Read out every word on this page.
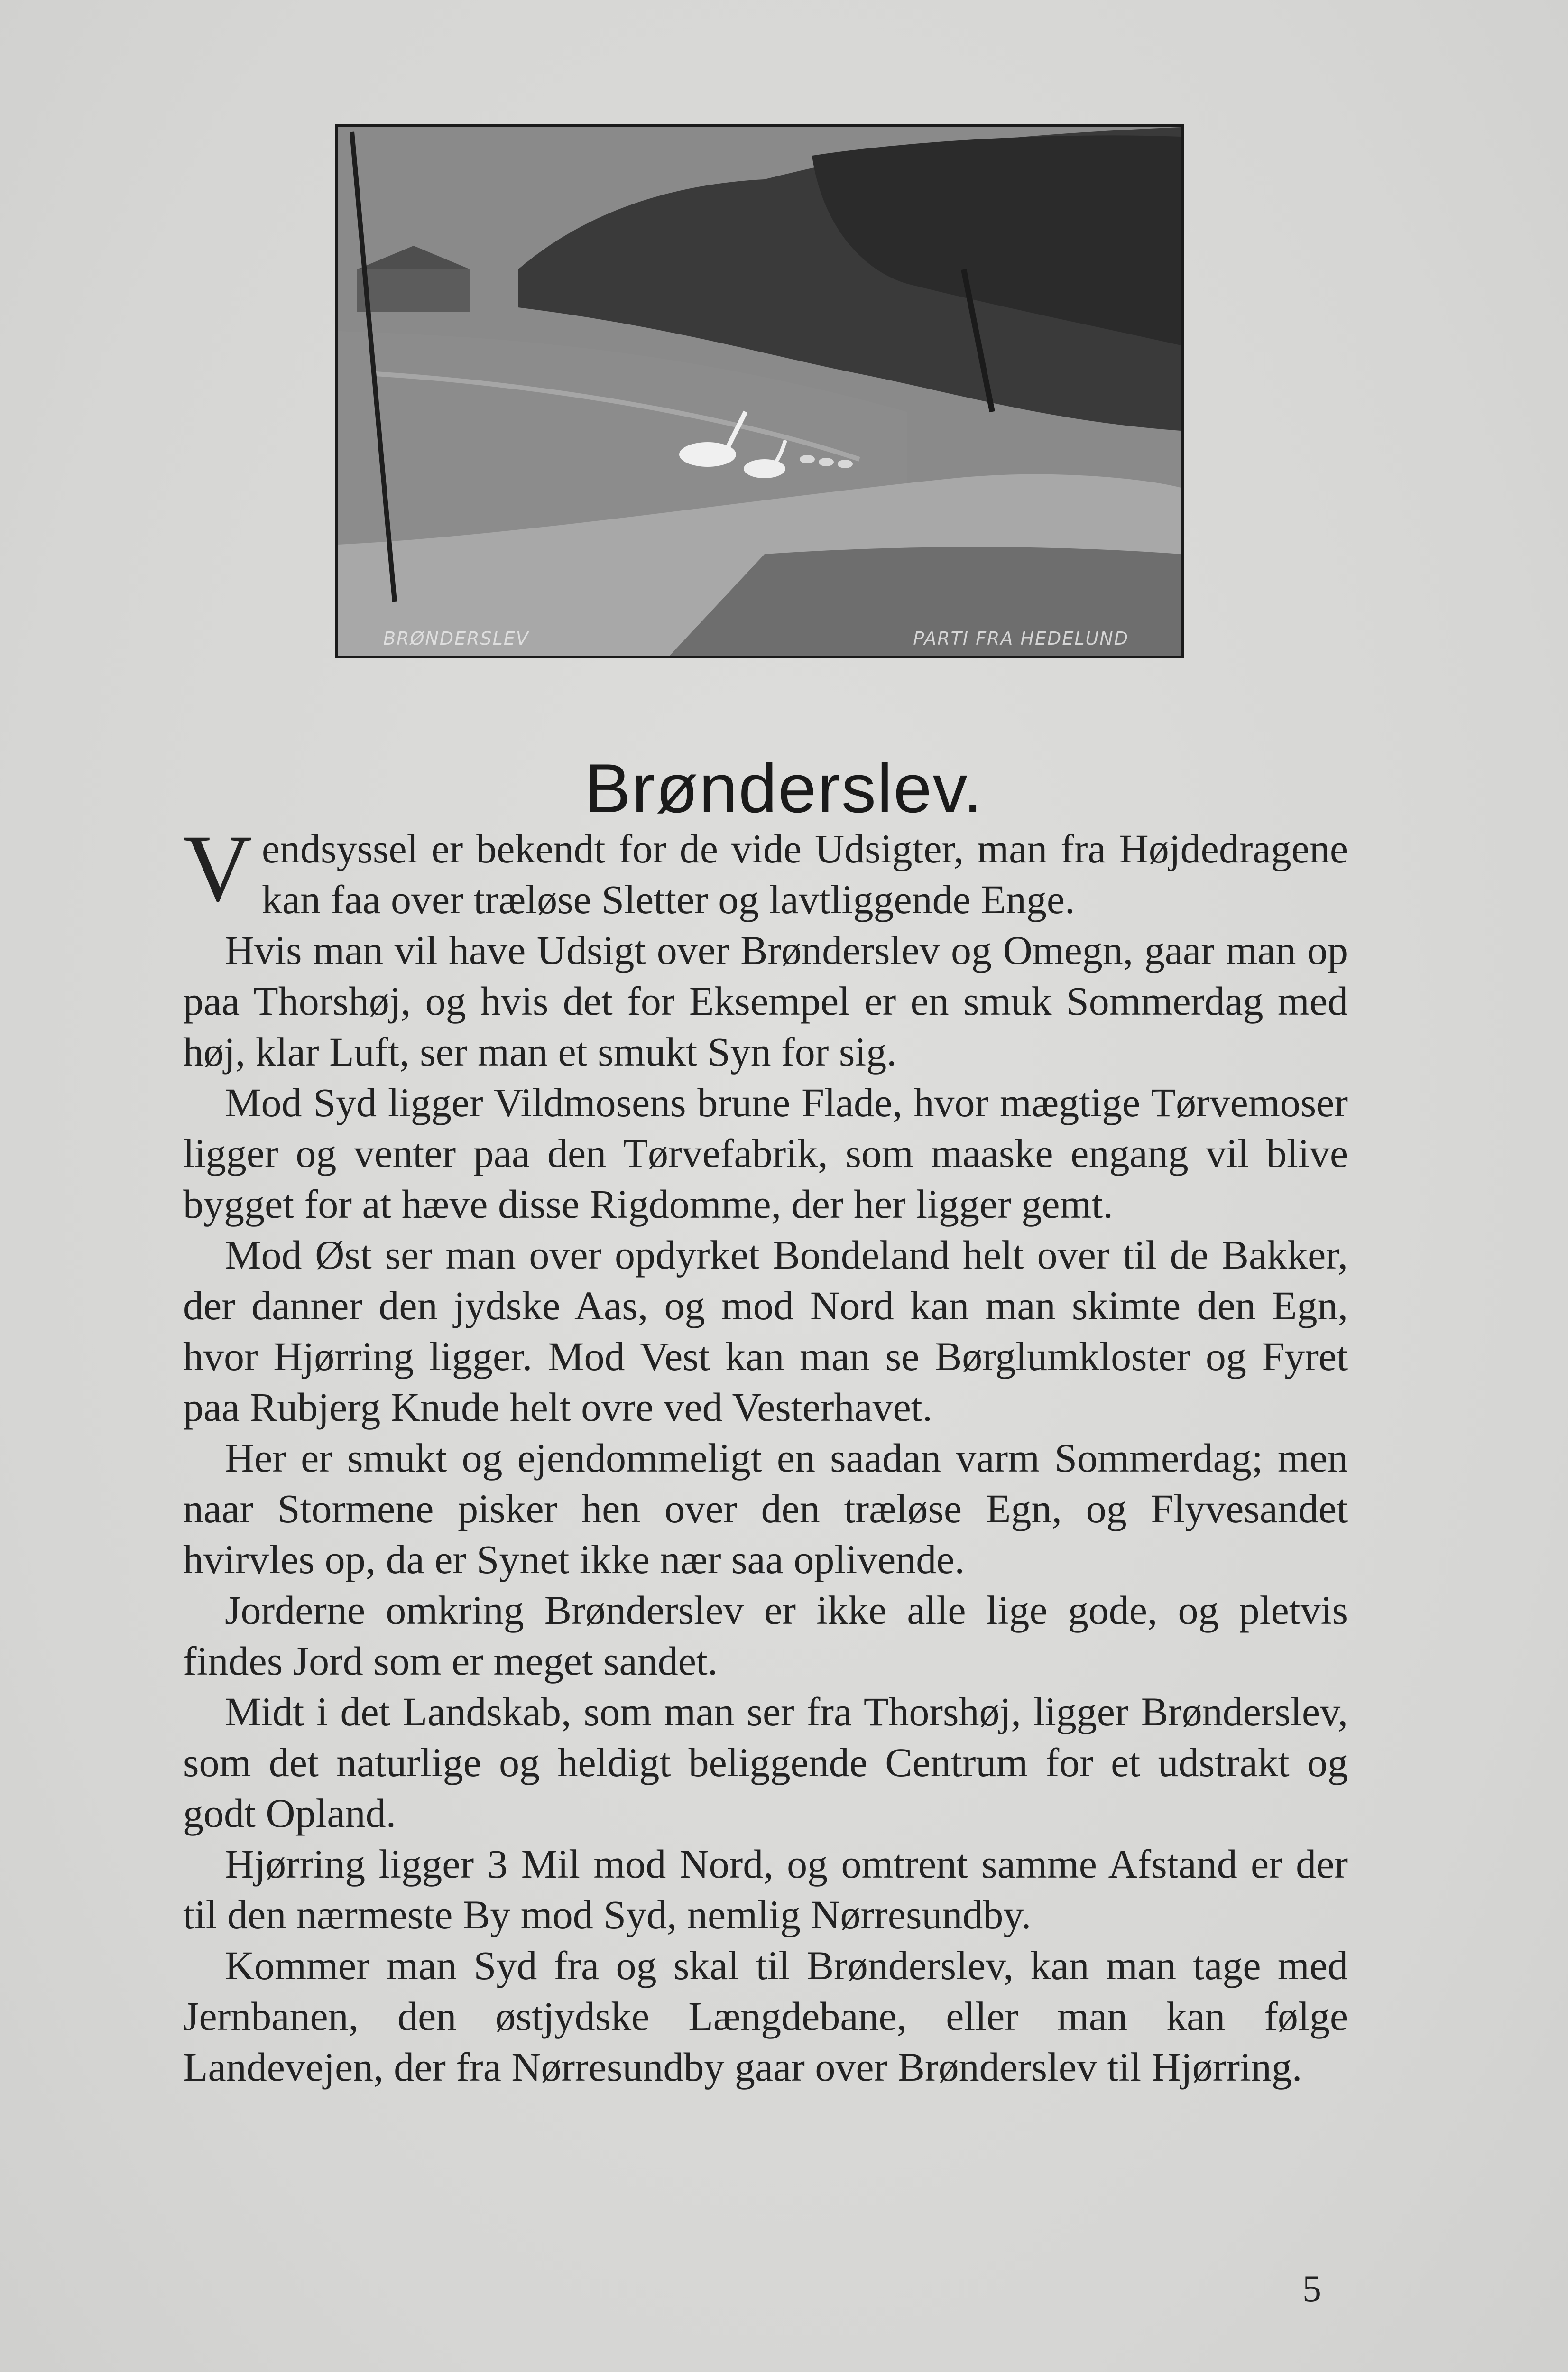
BRØNDERSLEV	PARTI FRA HEDELUND
Brønderslev.

Vendsyssel er bekendt for de vide Udsigter, man fra Højdedragene kan faa over træløse Sletter og lavtliggende Enge.

Hvis man vil have Udsigt over Brønderslev og Omegn, gaar man op paa Thorshøj, og hvis det for Eksempel er en smuk Sommerdag med høj, klar Luft, ser man et smukt Syn for sig.

Mod Syd ligger Vildmosens brune Flade, hvor mægtige Tørvemoser ligger og venter paa den Tørvefabrik, som maaske engang vil blive bygget for at hæve disse Rigdomme, der her ligger gemt.

Mod Øst ser man over opdyrket Bondeland helt over til de Bakker, der danner den jydske Aas, og mod Nord kan man skimte den Egn, hvor Hjørring ligger. Mod Vest kan man se Børglumkloster og Fyret paa Rubjerg Knude helt ovre ved Vesterhavet.

Her er smukt og ejendommeligt en saadan varm Sommerdag; men naar Stormene pisker hen over den træløse Egn, og Flyvesandet hvirvles op, da er Synet ikke nær saa oplivende.

Jorderne omkring Brønderslev er ikke alle lige gode, og pletvis findes Jord som er meget sandet.

Midt i det Landskab, som man ser fra Thorshøj, ligger Brønderslev, som det naturlige og heldigt beliggende Centrum for et udstrakt og godt Opland.

Hjørring ligger 3 Mil mod Nord, og omtrent samme Afstand er der til den nærmeste By mod Syd, nemlig Nørresundby.

Kommer man Syd fra og skal til Brønderslev, kan man tage med Jernbanen, den østjydske Længdebane, eller man kan følge Landevejen, der fra Nørresundby gaar over Brønderslev til Hjørring.

5
